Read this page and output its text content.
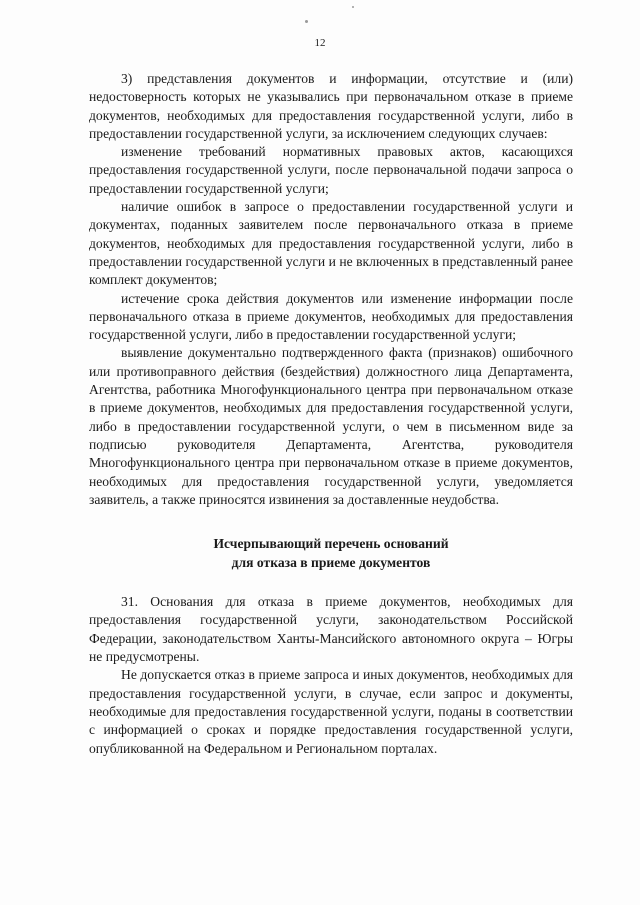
12

3) представления документов и информации, отсутствие и (или) недостоверность которых не указывались при первоначальном отказе в приеме документов, необходимых для предоставления государственной услуги, либо в предоставлении государственной услуги, за исключением следующих случаев:

изменение требований нормативных правовых актов, касающихся предоставления государственной услуги, после первоначальной подачи запроса о предоставлении государственной услуги;

наличие ошибок в запросе о предоставлении государственной услуги и документах, поданных заявителем после первоначального отказа в приеме документов, необходимых для предоставления государственной услуги, либо в предоставлении государственной услуги и не включенных в представленный ранее комплект документов;

истечение срока действия документов или изменение информации после первоначального отказа в приеме документов, необходимых для предоставления государственной услуги, либо в предоставлении государственной услуги;

выявление документально подтвержденного факта (признаков) ошибочного или противоправного действия (бездействия) должностного лица Департамента, Агентства, работника Многофункционального центра при первоначальном отказе в приеме документов, необходимых для предоставления государственной услуги, либо в предоставлении государственной услуги, о чем в письменном виде за подписью руководителя Департамента, Агентства, руководителя Многофункционального центра при первоначальном отказе в приеме документов, необходимых для предоставления государственной услуги, уведомляется заявитель, а также приносятся извинения за доставленные неудобства.

Исчерпывающий перечень оснований
для отказа в приеме документов

31. Основания для отказа в приеме документов, необходимых для предоставления государственной услуги, законодательством Российской Федерации, законодательством Ханты-Мансийского автономного округа – Югры не предусмотрены.

Не допускается отказ в приеме запроса и иных документов, необходимых для предоставления государственной услуги, в случае, если запрос и документы, необходимые для предоставления государственной услуги, поданы в соответствии с информацией о сроках и порядке предоставления государственной услуги, опубликованной на Федеральном и Региональном порталах.
